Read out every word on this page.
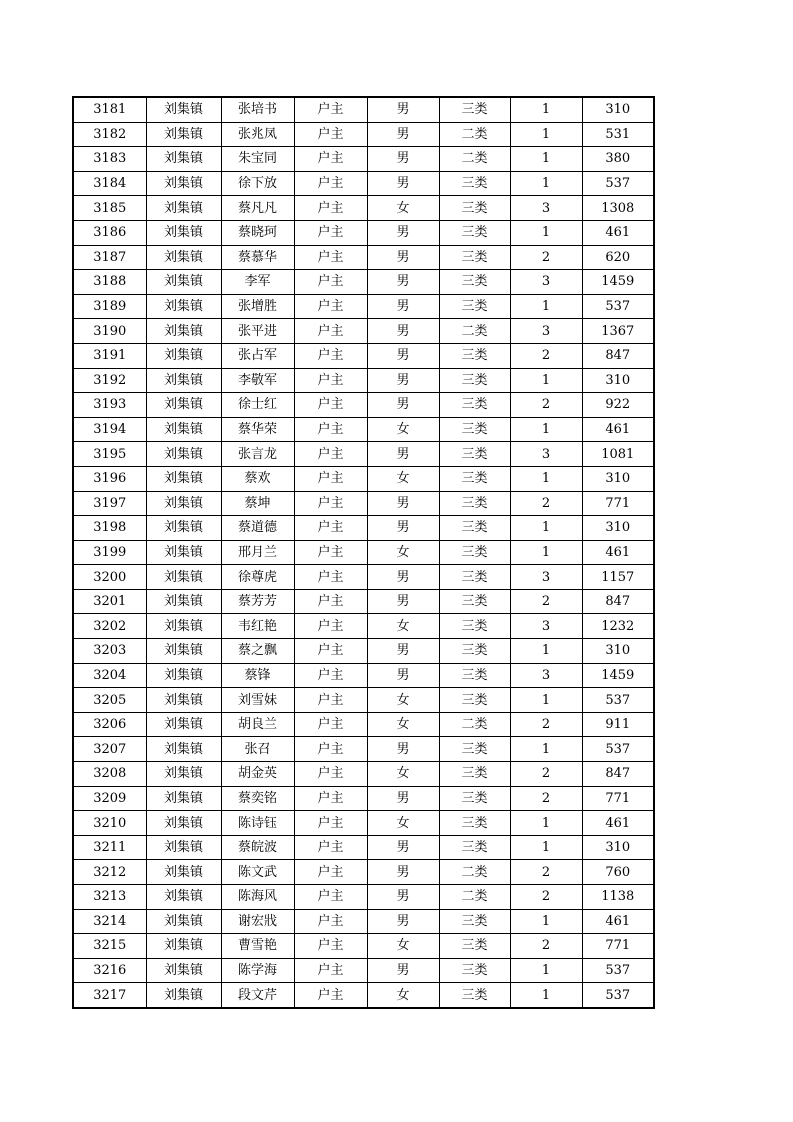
3181	刘集镇	张培书	户主	男	三类	1	310
3182	刘集镇	张兆凤	户主	男	二类	1	531
3183	刘集镇	朱宝同	户主	男	二类	1	380
3184	刘集镇	徐下放	户主	男	三类	1	537
3185	刘集镇	蔡凡凡	户主	女	三类	3	1308
3186	刘集镇	蔡晓珂	户主	男	三类	1	461
3187	刘集镇	蔡慕华	户主	男	三类	2	620
3188	刘集镇	李军	户主	男	三类	3	1459
3189	刘集镇	张增胜	户主	男	三类	1	537
3190	刘集镇	张平进	户主	男	二类	3	1367
3191	刘集镇	张占军	户主	男	三类	2	847
3192	刘集镇	李敬军	户主	男	三类	1	310
3193	刘集镇	徐士红	户主	男	三类	2	922
3194	刘集镇	蔡华荣	户主	女	三类	1	461
3195	刘集镇	张言龙	户主	男	三类	3	1081
3196	刘集镇	蔡欢	户主	女	三类	1	310
3197	刘集镇	蔡坤	户主	男	三类	2	771
3198	刘集镇	蔡道德	户主	男	三类	1	310
3199	刘集镇	邢月兰	户主	女	三类	1	461
3200	刘集镇	徐尊虎	户主	男	三类	3	1157
3201	刘集镇	蔡芳芳	户主	男	三类	2	847
3202	刘集镇	韦红艳	户主	女	三类	3	1232
3203	刘集镇	蔡之飘	户主	男	三类	1	310
3204	刘集镇	蔡锋	户主	男	三类	3	1459
3205	刘集镇	刘雪妹	户主	女	三类	1	537
3206	刘集镇	胡良兰	户主	女	二类	2	911
3207	刘集镇	张召	户主	男	三类	1	537
3208	刘集镇	胡金英	户主	女	三类	2	847
3209	刘集镇	蔡奕铭	户主	男	三类	2	771
3210	刘集镇	陈诗钰	户主	女	三类	1	461
3211	刘集镇	蔡皖波	户主	男	三类	1	310
3212	刘集镇	陈文武	户主	男	二类	2	760
3213	刘集镇	陈海风	户主	男	二类	2	1138
3214	刘集镇	谢宏戕	户主	男	三类	1	461
3215	刘集镇	曹雪艳	户主	女	三类	2	771
3216	刘集镇	陈学海	户主	男	三类	1	537
3217	刘集镇	段文芹	户主	女	三类	1	537
